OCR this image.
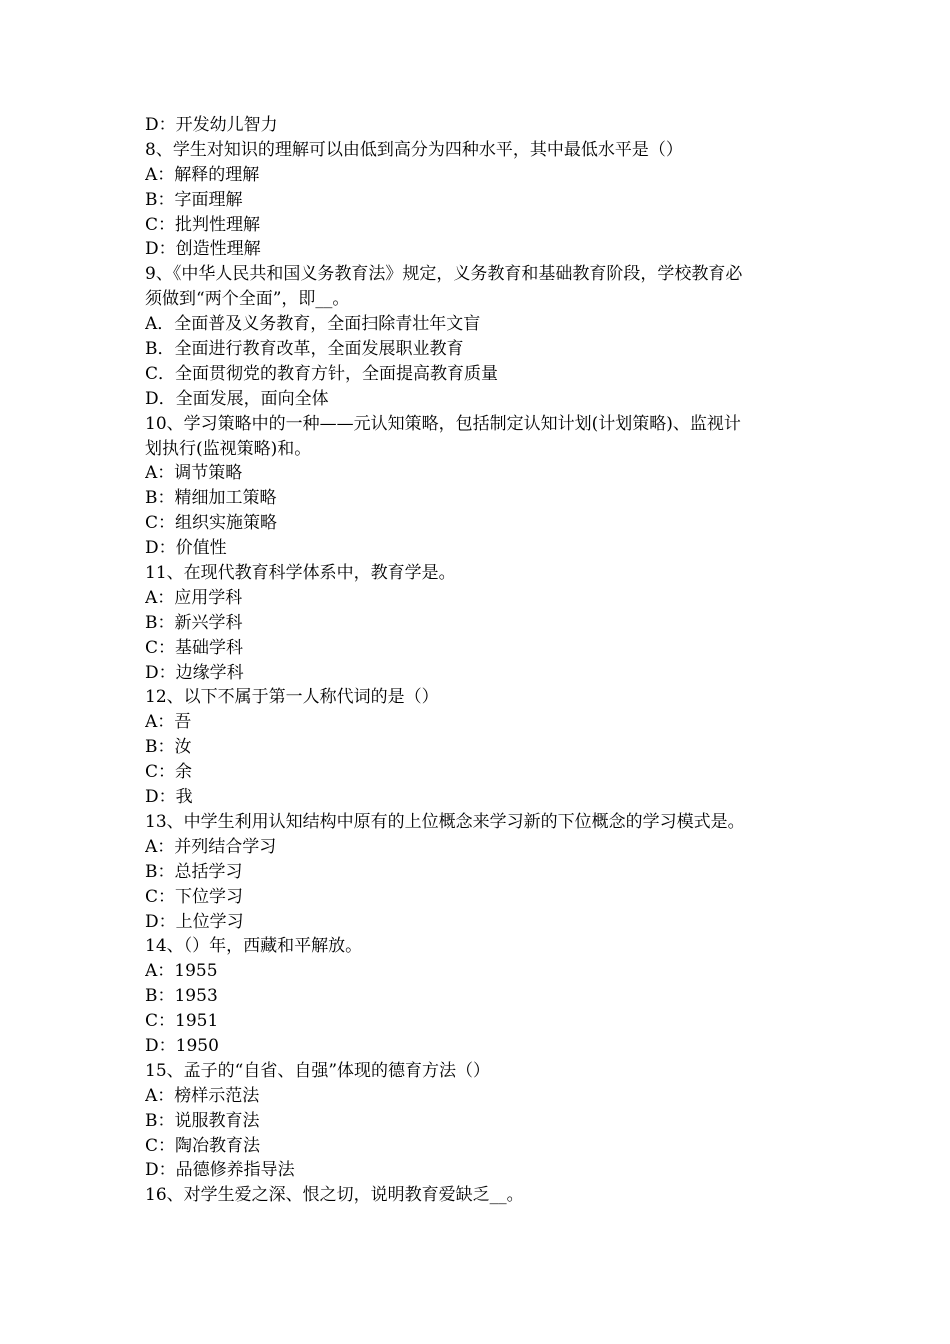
D：开发幼儿智力
8、学生对知识的理解可以由低到高分为四种水平，其中最低水平是（）
A：解释的理解
B：字面理解
C：批判性理解
D：创造性理解
9、《中华人民共和国义务教育法》规定，义务教育和基础教育阶段，学校教育必
须做到“两个全面”，即__。
A．全面普及义务教育，全面扫除青壮年文盲
B．全面进行教育改革，全面发展职业教育
C．全面贯彻党的教育方针，全面提高教育质量
D．全面发展，面向全体
10、学习策略中的一种——元认知策略，包括制定认知计划(计划策略)、监视计
划执行(监视策略)和。
A：调节策略
B：精细加工策略
C：组织实施策略
D：价值性
11、在现代教育科学体系中，教育学是。
A：应用学科
B：新兴学科
C：基础学科
D：边缘学科
12、以下不属于第一人称代词的是（）
A：吾
B：汝
C：余
D：我
13、中学生利用认知结构中原有的上位概念来学习新的下位概念的学习模式是。
A：并列结合学习
B：总括学习
C：下位学习
D：上位学习
14、（）年，西藏和平解放。
A：1955
B：1953
C：1951
D：1950
15、孟子的“自省、自强”体现的德育方法（）
A：榜样示范法
B：说服教育法
C：陶冶教育法
D：品德修养指导法
16、对学生爱之深、恨之切，说明教育爱缺乏__。
